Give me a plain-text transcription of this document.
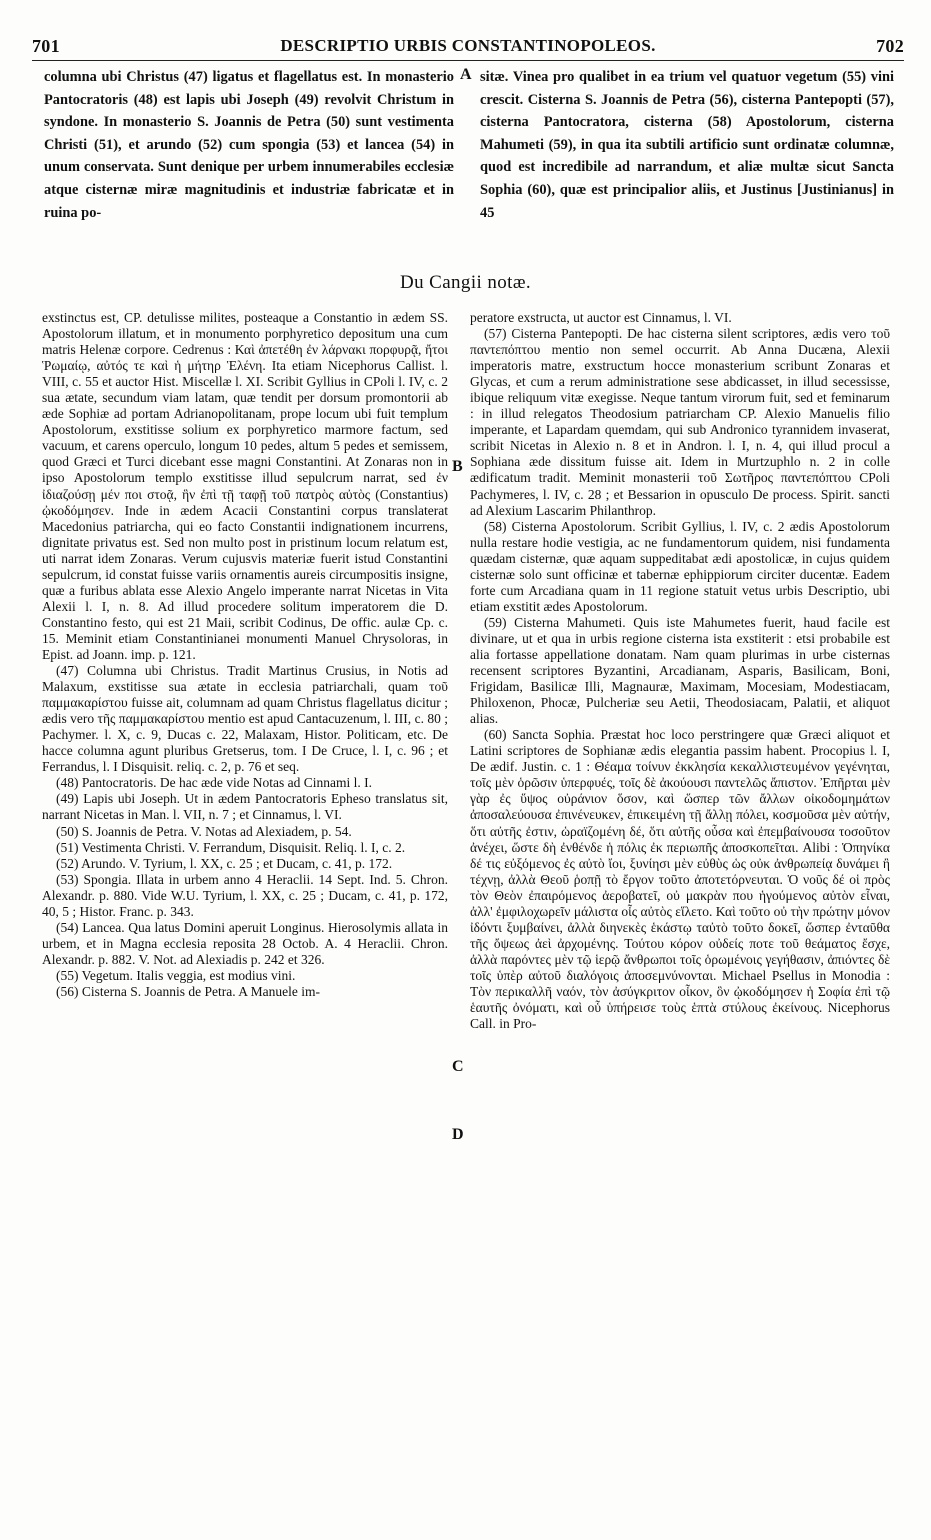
701	DESCRIPTIO URBIS CONSTANTINOPOLEOS.	702

columna ubi Christus (47) ligatus et flagellatus est. In monasterio Pantocratoris (48) est lapis ubi Joseph (49) revolvit Christum in syndone. In monasterio S. Joannis de Petra (50) sunt vestimenta Christi (51), et arundo (52) cum spongia (53) et lancea (54) in unum conservata. Sunt denique per urbem innumerabiles ecclesiæ atque cisternæ miræ magnitudinis et industriæ fabricatæ et in ruina po-

sitæ. Vinea pro qualibet in ea trium vel quatuor vegetum (55) vini crescit. Cisterna S. Joannis de Petra (56), cisterna Pantepopti (57), cisterna Pantocratora, cisterna (58) Apostolorum, cisterna Mahumeti (59), in qua ita subtili artificio sunt ordinatæ columnæ, quod est incredibile ad narrandum, et aliæ multæ sicut Sancta Sophia (60), quæ est principalior aliis, et Justinus [Justinianus] in 45

A
B
C
D
Du Cangii notæ.

exstinctus est, CP. detulisse milites, posteaque a Constantio in ædem SS. Apostolorum illatum, et in monumento porphyretico depositum una cum matris Helenæ corpore. Cedrenus : Καὶ ἀπετέθη ἐν λάρνακι πορφυρᾷ, ἤτοι Ῥωμαίῳ, αὐτός τε καὶ ἡ μήτηρ Ἑλένη. Ita etiam Nicephorus Callist. l. VIII, c. 55 et auctor Hist. Miscellæ l. XI. Scribit Gyllius in CPoli l. IV, c. 2 sua ætate, secundum viam latam, quæ tendit per dorsum promontorii ab æde Sophiæ ad portam Adrianopolitanam, prope locum ubi fuit templum Apostolorum, exstitisse solium ex porphyretico marmore factum, sed vacuum, et carens operculo, longum 10 pedes, altum 5 pedes et semissem, quod Græci et Turci dicebant esse magni Constantini. At Zonaras non in ipso Apostolorum templo exstitisse illud sepulcrum narrat, sed ἐν ἰδιαζούσῃ μέν ποι στοᾷ, ἣν ἐπὶ τῇ ταφῇ τοῦ πατρὸς αὐτὸς (Constantius) ᾠκοδόμησεν. Inde in ædem Acacii Constantini corpus translaterat Macedonius patriarcha, qui eo facto Constantii indignationem incurrens, dignitate privatus est. Sed non multo post in pristinum locum relatum est, uti narrat idem Zonaras. Verum cujusvis materiæ fuerit istud Constantini sepulcrum, id constat fuisse variis ornamentis aureis circumpositis insigne, quæ a furibus ablata esse Alexio Angelo imperante narrat Nicetas in Vita Alexii l. I, n. 8. Ad illud procedere solitum imperatorem die D. Constantino festo, qui est 21 Maii, scribit Codinus, De offic. aulæ Cp. c. 15. Meminit etiam Constantinianei monumenti Manuel Chrysoloras, in Epist. ad Joann. imp. p. 121.

(47) Columna ubi Christus. Tradit Martinus Crusius, in Notis ad Malaxum, exstitisse sua ætate in ecclesia patriarchali, quam τοῦ παμμακαρίστου fuisse ait, columnam ad quam Christus flagellatus dicitur ; ædis vero τῆς παμμακαρίστου mentio est apud Cantacuzenum, l. III, c. 80 ; Pachymer. l. X, c. 9, Ducas c. 22, Malaxam, Histor. Politicam, etc. De hacce columna agunt pluribus Gretserus, tom. I De Cruce, l. I, c. 96 ; et Ferrandus, l. I Disquisit. reliq. c. 2, p. 76 et seq.

(48) Pantocratoris. De hac æde vide Notas ad Cinnami l. I.

(49) Lapis ubi Joseph. Ut in ædem Pantocratoris Epheso translatus sit, narrant Nicetas in Man. l. VII, n. 7 ; et Cinnamus, l. VI.

(50) S. Joannis de Petra. V. Notas ad Alexiadem, p. 54.

(51) Vestimenta Christi. V. Ferrandum, Disquisit. Reliq. l. I, c. 2.

(52) Arundo. V. Tyrium, l. XX, c. 25 ; et Ducam, c. 41, p. 172.

(53) Spongia. Illata in urbem anno 4 Heraclii. 14 Sept. Ind. 5. Chron. Alexandr. p. 880. Vide W.U. Tyrium, l. XX, c. 25 ; Ducam, c. 41, p. 172, 40, 5 ; Histor. Franc. p. 343.

(54) Lancea. Qua latus Domini aperuit Longinus. Hierosolymis allata in urbem, et in Magna ecclesia reposita 28 Octob. A. 4 Heraclii. Chron. Alexandr. p. 882. V. Not. ad Alexiadis p. 242 et 326.

(55) Vegetum. Italis veggia, est modius vini.

(56) Cisterna S. Joannis de Petra. A Manuele im-

peratore exstructa, ut auctor est Cinnamus, l. VI.

(57) Cisterna Pantepopti. De hac cisterna silent scriptores, ædis vero τοῦ παντεπόπτου mentio non semel occurrit. Ab Anna Ducæna, Alexii imperatoris matre, exstructum hocce monasterium scribunt Zonaras et Glycas, et cum a rerum administratione sese abdicasset, in illud secessisse, ibique reliquum vitæ exegisse. Neque tantum virorum fuit, sed et feminarum : in illud relegatos Theodosium patriarcham CP. Alexio Manuelis filio imperante, et Lapardam quemdam, qui sub Andronico tyrannidem invaserat, scribit Nicetas in Alexio n. 8 et in Andron. l. I, n. 4, qui illud procul a Sophiana æde dissitum fuisse ait. Idem in Murtzuphlo n. 2 in colle ædificatum tradit. Meminit monasterii τοῦ Σωτῆρος παντεπόπτου CPoli Pachymeres, l. IV, c. 28 ; et Bessarion in opusculo De process. Spirit. sancti ad Alexium Lascarim Philanthrop.

(58) Cisterna Apostolorum. Scribit Gyllius, l. IV, c. 2 ædis Apostolorum nulla restare hodie vestigia, ac ne fundamentorum quidem, nisi fundamenta quædam cisternæ, quæ aquam suppeditabat ædi apostolicæ, in cujus quidem cisternæ solo sunt officinæ et tabernæ ephippiorum circiter ducentæ. Eadem forte cum Arcadiana quam in 11 regione statuit vetus urbis Descriptio, ubi etiam exstitit ædes Apostolorum.

(59) Cisterna Mahumeti. Quis iste Mahumetes fuerit, haud facile est divinare, ut et qua in urbis regione cisterna ista exstiterit : etsi probabile est alia fortasse appellatione donatam. Nam quam plurimas in urbe cisternas recensent scriptores Byzantini, Arcadianam, Asparis, Basilicam, Boni, Frigidam, Basilicæ Illi, Magnauræ, Maximam, Mocesiam, Modestiacam, Philoxenon, Phocæ, Pulcheriæ seu Aetii, Theodosiacam, Palatii, et aliquot alias.

(60) Sancta Sophia. Præstat hoc loco perstringere quæ Græci aliquot et Latini scriptores de Sophianæ ædis elegantia passim habent. Procopius l. I, De ædif. Justin. c. 1 : Θέαμα τοίνυν ἐκκλησία κεκαλλιστευμένον γεγένηται, τοῖς μὲν ὁρῶσιν ὑπερφυές, τοῖς δὲ ἀκούουσι παντελῶς ἄπιστον. Ἐπῆρται μὲν γὰρ ἐς ὕψος οὐράνιον ὅσον, καὶ ὥσπερ τῶν ἄλλων οἰκοδομημάτων ἀποσαλεύουσα ἐπινένευκεν, ἐπικειμένη τῇ ἄλλῃ πόλει, κοσμοῦσα μὲν αὐτήν, ὅτι αὐτῆς ἐστιν, ὡραϊζομένη δέ, ὅτι αὐτῆς οὖσα καὶ ἐπεμβαίνουσα τοσοῦτον ἀνέχει, ὥστε δὴ ἐνθένδε ἡ πόλις ἐκ περιωπῆς ἀποσκοπεῖται. Alibi : Ὁπηνίκα δέ τις εὐξόμενος ἐς αὐτὸ ἴοι, ξυνίησι μὲν εὐθὺς ὡς οὐκ ἀνθρωπείᾳ δυνάμει ἢ τέχνῃ, ἀλλὰ Θεοῦ ῥοπῇ τὸ ἔργον τοῦτο ἀποτετόρνευται. Ὁ νοῦς δέ οἱ πρὸς τὸν Θεὸν ἐπαιρόμενος ἀεροβατεῖ, οὐ μακρὰν που ἡγούμενος αὐτὸν εἶναι, ἀλλ' ἐμφιλοχωρεῖν μάλιστα οἷς αὐτὸς εἵλετο. Καὶ τοῦτο οὐ τὴν πρώτην μόνον ἰδόντι ξυμβαίνει, ἀλλὰ διηνεκὲς ἑκάστῳ ταὐτὸ τοῦτο δοκεῖ, ὥσπερ ἐνταῦθα τῆς ὄψεως ἀεὶ ἀρχομένης. Τούτου κόρον οὐδείς ποτε τοῦ θεάματος ἔσχε, ἀλλὰ παρόντες μὲν τῷ ἱερῷ ἄνθρωποι τοῖς ὁρωμένοις γεγήθασιν, ἀπιόντες δὲ τοῖς ὑπὲρ αὐτοῦ διαλόγοις ἀποσεμνύνονται. Michael Psellus in Monodia : Τὸν περικαλλῆ ναόν, τὸν ἀσύγκριτον οἶκον, ὃν ᾠκοδόμησεν ἡ Σοφία ἐπὶ τῷ ἑαυτῆς ὀνόματι, καὶ οὗ ὑπήρεισε τοὺς ἑπτὰ στύλους ἐκείνους. Nicephorus Call. in Pro-
